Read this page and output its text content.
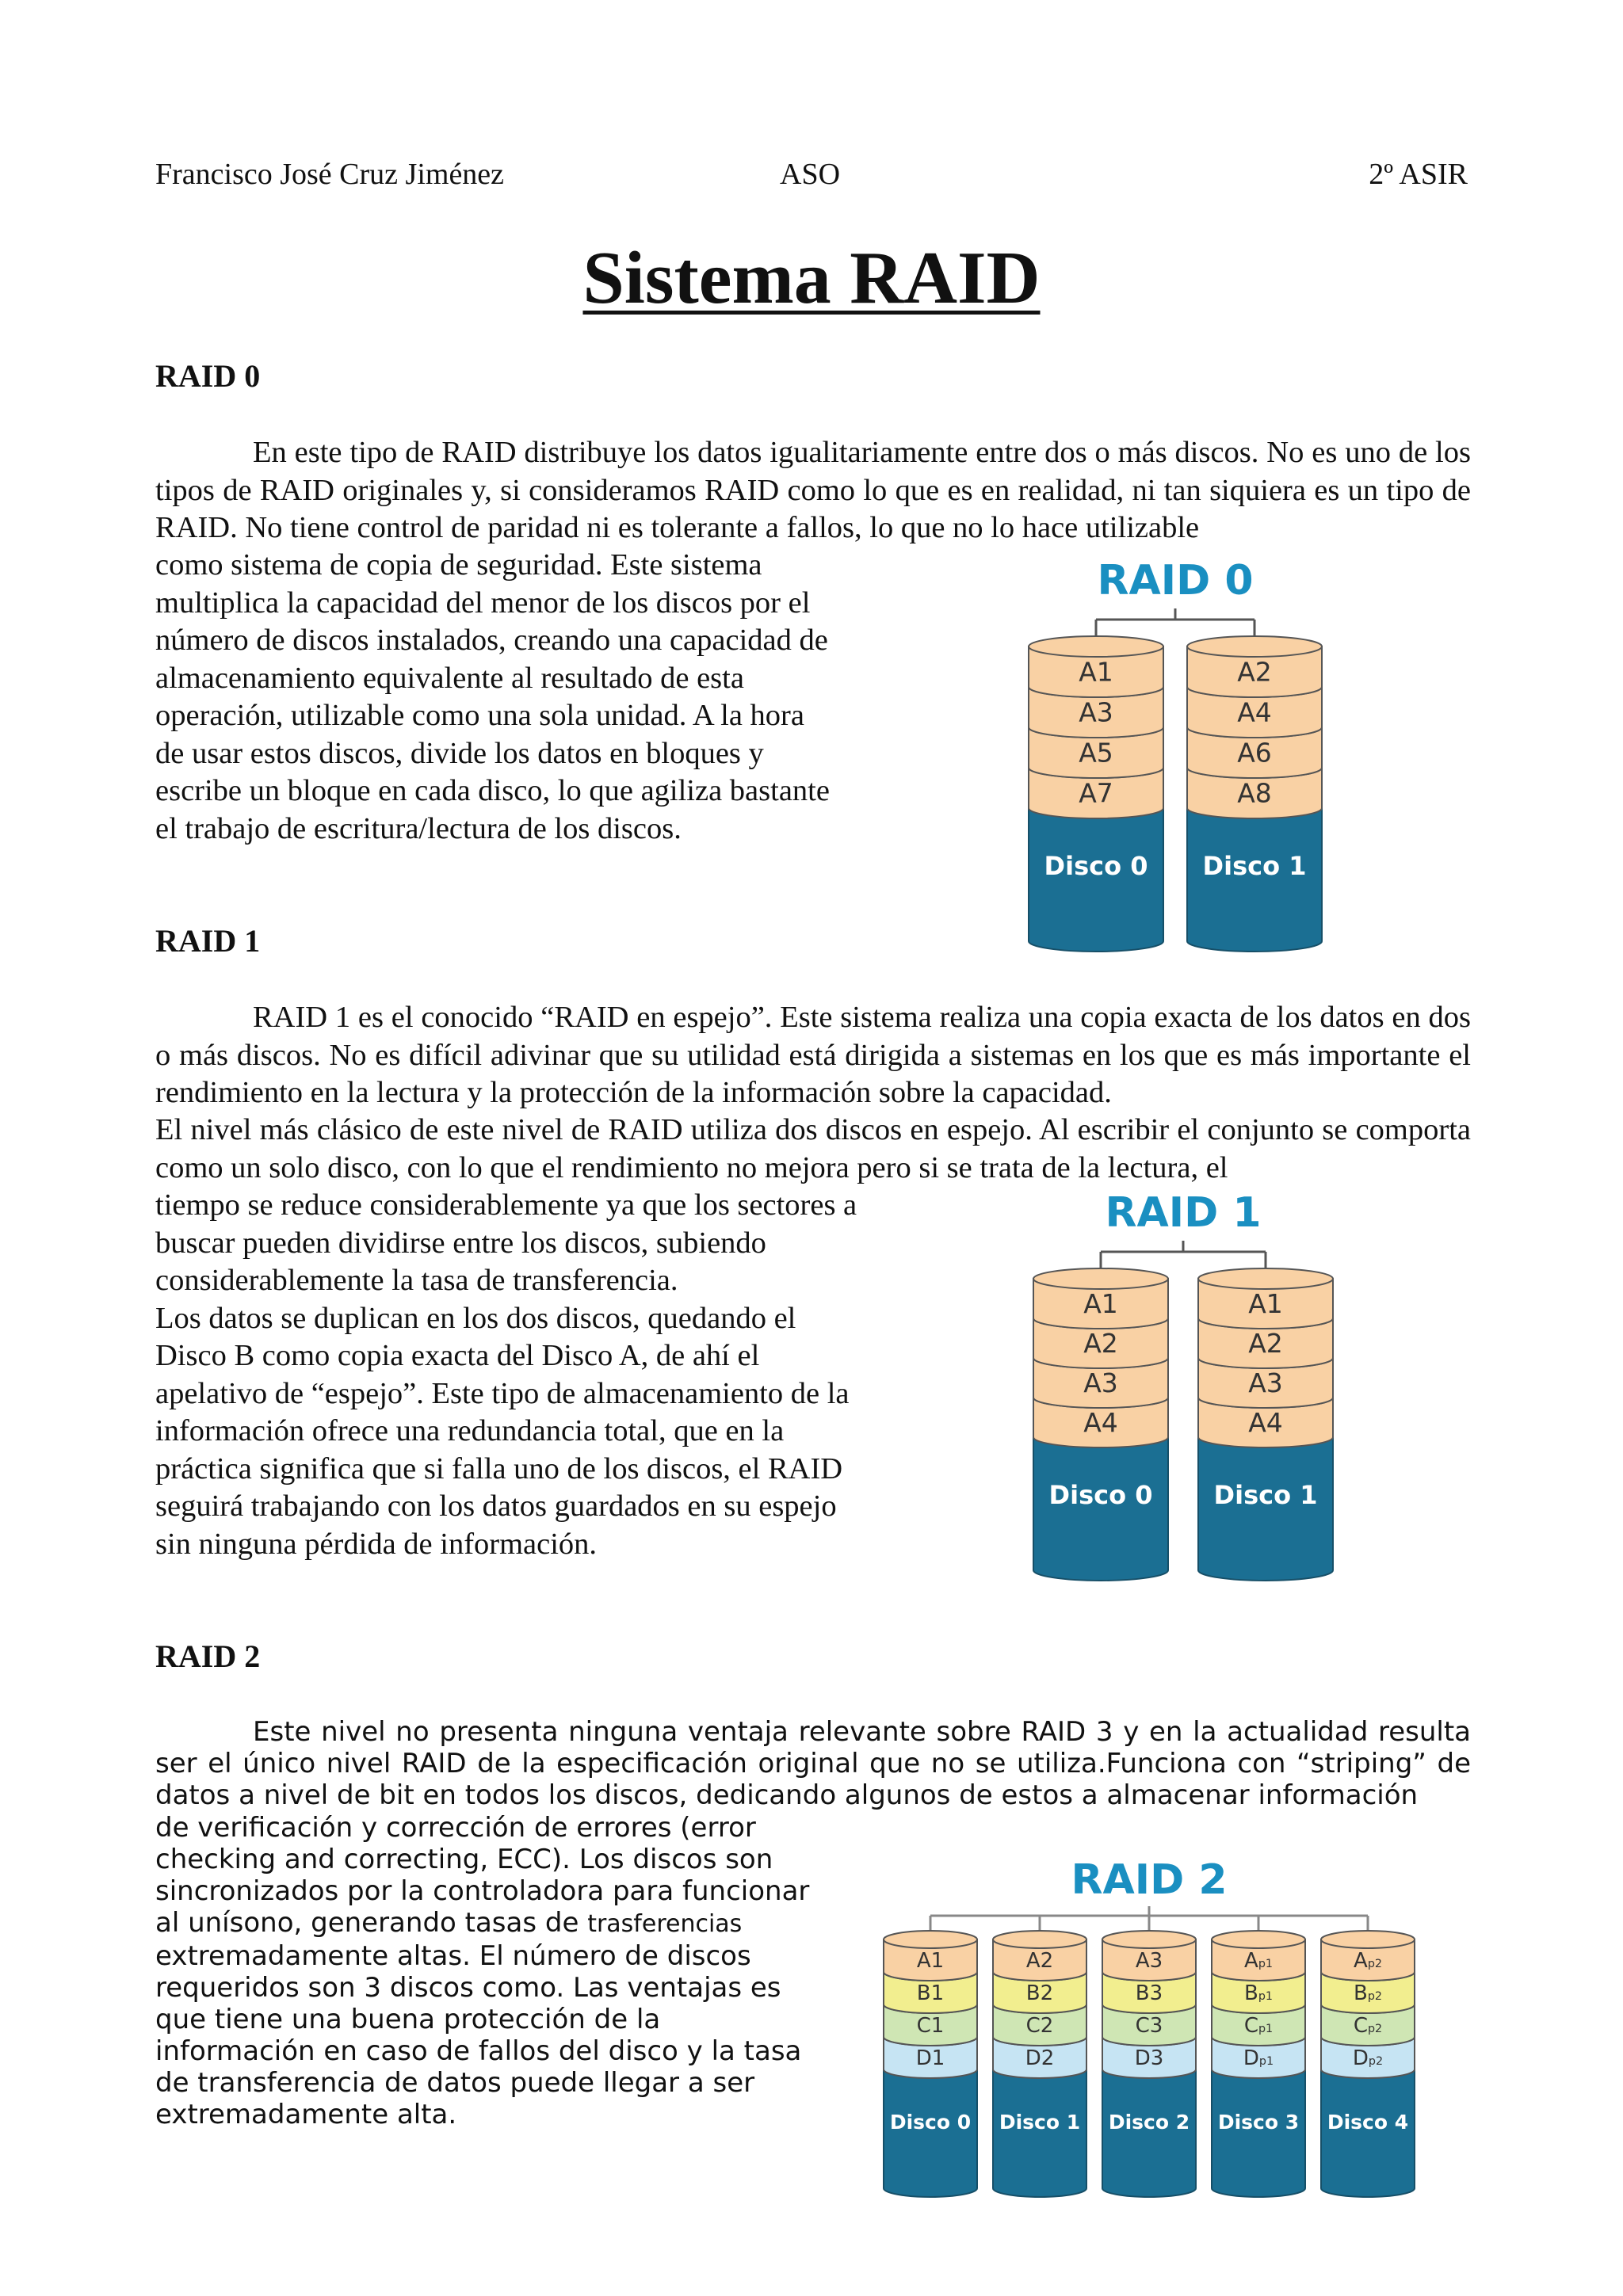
Francisco José Cruz Jiménez	ASO	2º ASIR
Sistema RAID
RAID 0

En este tipo de RAID distribuye los datos igualitariamente entre dos o más discos. No es uno de los tipos de RAID originales y, si consideramos RAID como lo que es en realidad, ni tan siquiera es un tipo de RAID. No tiene control de paridad ni es tolerante a fallos, lo que no lo hace utilizable

como sistema de copia de seguridad. Este sistema
multiplica la capacidad del menor de los discos por el
número de discos instalados, creando una capacidad de
almacenamiento equivalente al resultado de esta
operación, utilizable como una sola unidad. A la hora
de usar estos discos, divide los datos en bloques y
escribe un bloque en cada disco, lo que agiliza bastante
el trabajo de escritura/lectura de los discos.

RAID 0
A1
A3
A5
A7
Disco 0
A2
A4
A6
A8
Disco 1
RAID 1

RAID 1 es el conocido “RAID en espejo”. Este sistema realiza una copia exacta de los datos en dos o más discos. No es difícil adivinar que su utilidad está dirigida a sistemas en los que es más importante el rendimiento en la lectura y la protección de la información sobre la capacidad.

El nivel más clásico de este nivel de RAID utiliza dos discos en espejo. Al escribir el conjunto se comporta como un solo disco, con lo que el rendimiento no mejora pero si se trata de la lectura, el

tiempo se reduce considerablemente ya que los sectores a
buscar pueden dividirse entre los discos, subiendo
considerablemente la tasa de transferencia.
Los datos se duplican en los dos discos, quedando el
Disco B como copia exacta del Disco A, de ahí el
apelativo de “espejo”. Este tipo de almacenamiento de la
información ofrece una redundancia total, que en la
práctica significa que si falla uno de los discos, el RAID
seguirá trabajando con los datos guardados en su espejo
sin ninguna pérdida de información.

RAID 1
A1
A2
A3
A4
Disco 0
A1
A2
A3
A4
Disco 1
RAID 2

Este nivel no presenta ninguna ventaja relevante sobre RAID 3 y en la actualidad resulta ser el único nivel RAID de la especificación original que no se utiliza.Funciona con “striping” de datos a nivel de bit en todos los discos, dedicando algunos de estos a almacenar información

de verificación y corrección de errores (error
checking and correcting, ECC). Los discos son
sincronizados por la controladora para funcionar
al unísono, generando tasas de trasferencias
extremadamente altas. El número de discos
requeridos son 3 discos como. Las ventajas es
que tiene una buena protección de la
información en caso de fallos del disco y la tasa
de transferencia de datos puede llegar a ser
extremadamente alta.

RAID 2
A1
B1
C1
D1
Disco 0
A2
B2
C2
D2
Disco 1
A3
B3
C3
D3
Disco 2
Ap1
Bp1
Cp1
Dp1
Disco 3
Ap2
Bp2
Cp2
Dp2
Disco 4
